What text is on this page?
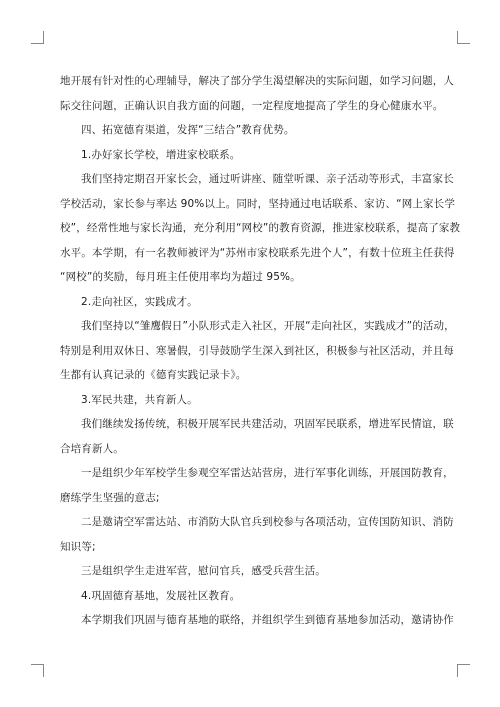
地开展有针对性的心理辅导，解决了部分学生渴望解决的实际问题，如学习问题，人

际交往问题，正确认识自我方面的问题，一定程度地提高了学生的身心健康水平。

四、拓宽德育渠道，发挥“三结合”教育优势。

1.办好家长学校，增进家校联系。

我们坚持定期召开家长会，通过听讲座、随堂听课、亲子活动等形式，丰富家长

学校活动，家长参与率达 90%以上。同时，坚持通过电话联系、家访、“网上家长学

校”，经常性地与家长沟通，充分利用“网校”的教育资源，推进家校联系，提高了家教

水平。本学期，有一名教师被评为“苏州市家校联系先进个人”，有数十位班主任获得

“网校”的奖励，每月班主任使用率均为超过 95%。

2.走向社区，实践成才。

我们坚持以“雏鹰假日”小队形式走入社区，开展“走向社区，实践成才”的活动，

特别是利用双休日、寒暑假，引导鼓励学生深入到社区，积极参与社区活动，并且每

生都有认真记录的《德育实践记录卡》。

3.军民共建，共育新人。

我们继续发扬传统，积极开展军民共建活动，巩固军民联系，增进军民情谊，联

合培育新人。

一是组织少年军校学生参观空军雷达站营房，进行军事化训练，开展国防教育，

磨练学生坚强的意志;

二是邀请空军雷达站、市消防大队官兵到校参与各项活动，宣传国防知识、消防

知识等;

三是组织学生走进军营，慰问官兵，感受兵营生活。

4.巩固德育基地，发展社区教育。

本学期我们巩固与德育基地的联络，并组织学生到德育基地参加活动，邀请协作
